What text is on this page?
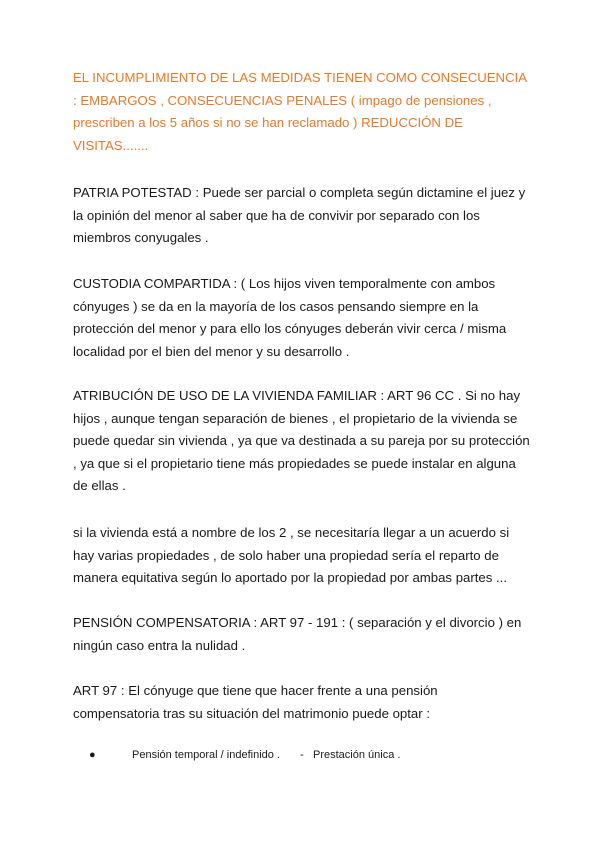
EL INCUMPLIMIENTO DE LAS MEDIDAS TIENEN COMO CONSECUENCIA
: EMBARGOS , CONSECUENCIAS PENALES ( impago de pensiones ,
prescriben a los 5 años si no se han reclamado ) REDUCCIÓN DE
VISITAS.......
PATRIA POTESTAD : Puede ser parcial o completa según dictamine el juez y
la opinión del menor al saber que ha de convivir por separado con los
miembros conyugales .
CUSTODIA COMPARTIDA : ( Los hijos viven temporalmente con ambos
cónyuges ) se da en la mayoría de los casos pensando siempre en la
protección del menor y para ello los cónyuges deberán vivir cerca / misma
localidad por el bien del menor y su desarrollo .
ATRIBUCIÓN DE USO DE LA VIVIENDA FAMILIAR : ART 96 CC . Si no hay
hijos , aunque tengan separación de bienes , el propietario de la vivienda se
puede quedar sin vivienda , ya que va destinada a su pareja por su protección
, ya que si el propietario tiene más propiedades se puede instalar en alguna
de ellas .
si la vivienda está a nombre de los 2 , se necesitaría llegar a un acuerdo si
hay varias propiedades , de solo haber una propiedad sería el reparto de
manera equitativa según lo aportado por la propiedad por ambas partes ...
PENSIÓN COMPENSATORIA : ART 97 - 191 : ( separación y el divorcio ) en
ningún caso entra la nulidad .
ART 97 : El cónyuge que tiene que hacer frente a una pensión
compensatoria tras su situación del matrimonio puede optar :
●	Pensión temporal / indefinido . - Prestación única .
